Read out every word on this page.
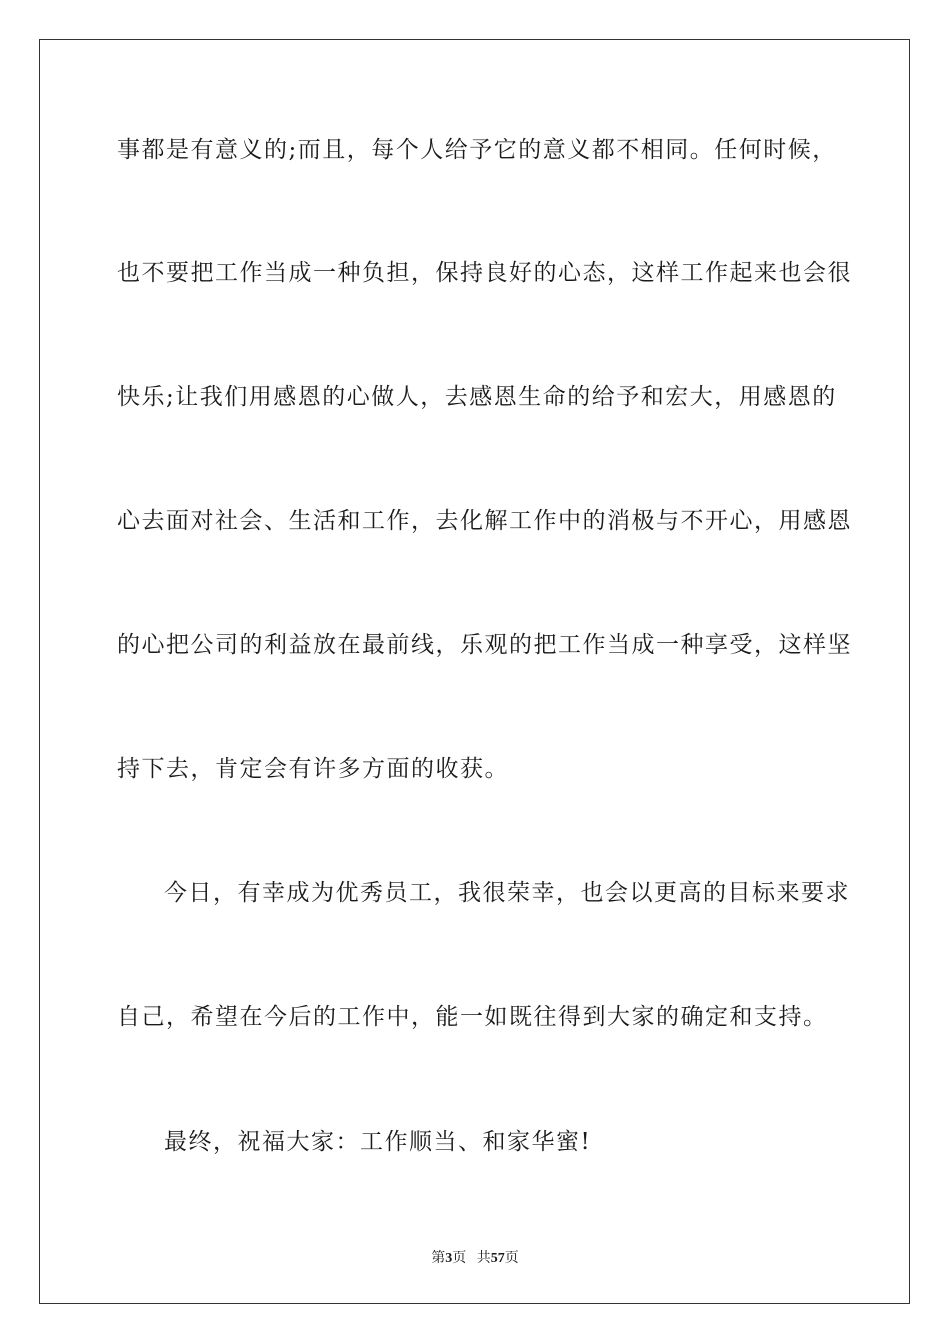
事都是有意义的;而且，每个人给予它的意义都不相同。任何时候，
也不要把工作当成一种负担，保持良好的心态，这样工作起来也会很
快乐;让我们用感恩的心做人，去感恩生命的给予和宏大，用感恩的
心去面对社会、生活和工作，去化解工作中的消极与不开心，用感恩
的心把公司的利益放在最前线，乐观的把工作当成一种享受，这样坚
持下去，肯定会有许多方面的收获。
今日，有幸成为优秀员工，我很荣幸，也会以更高的目标来要求
自己，希望在今后的工作中，能一如既往得到大家的确定和支持。
最终，祝福大家：工作顺当、和家华蜜!
第3页 共57页
